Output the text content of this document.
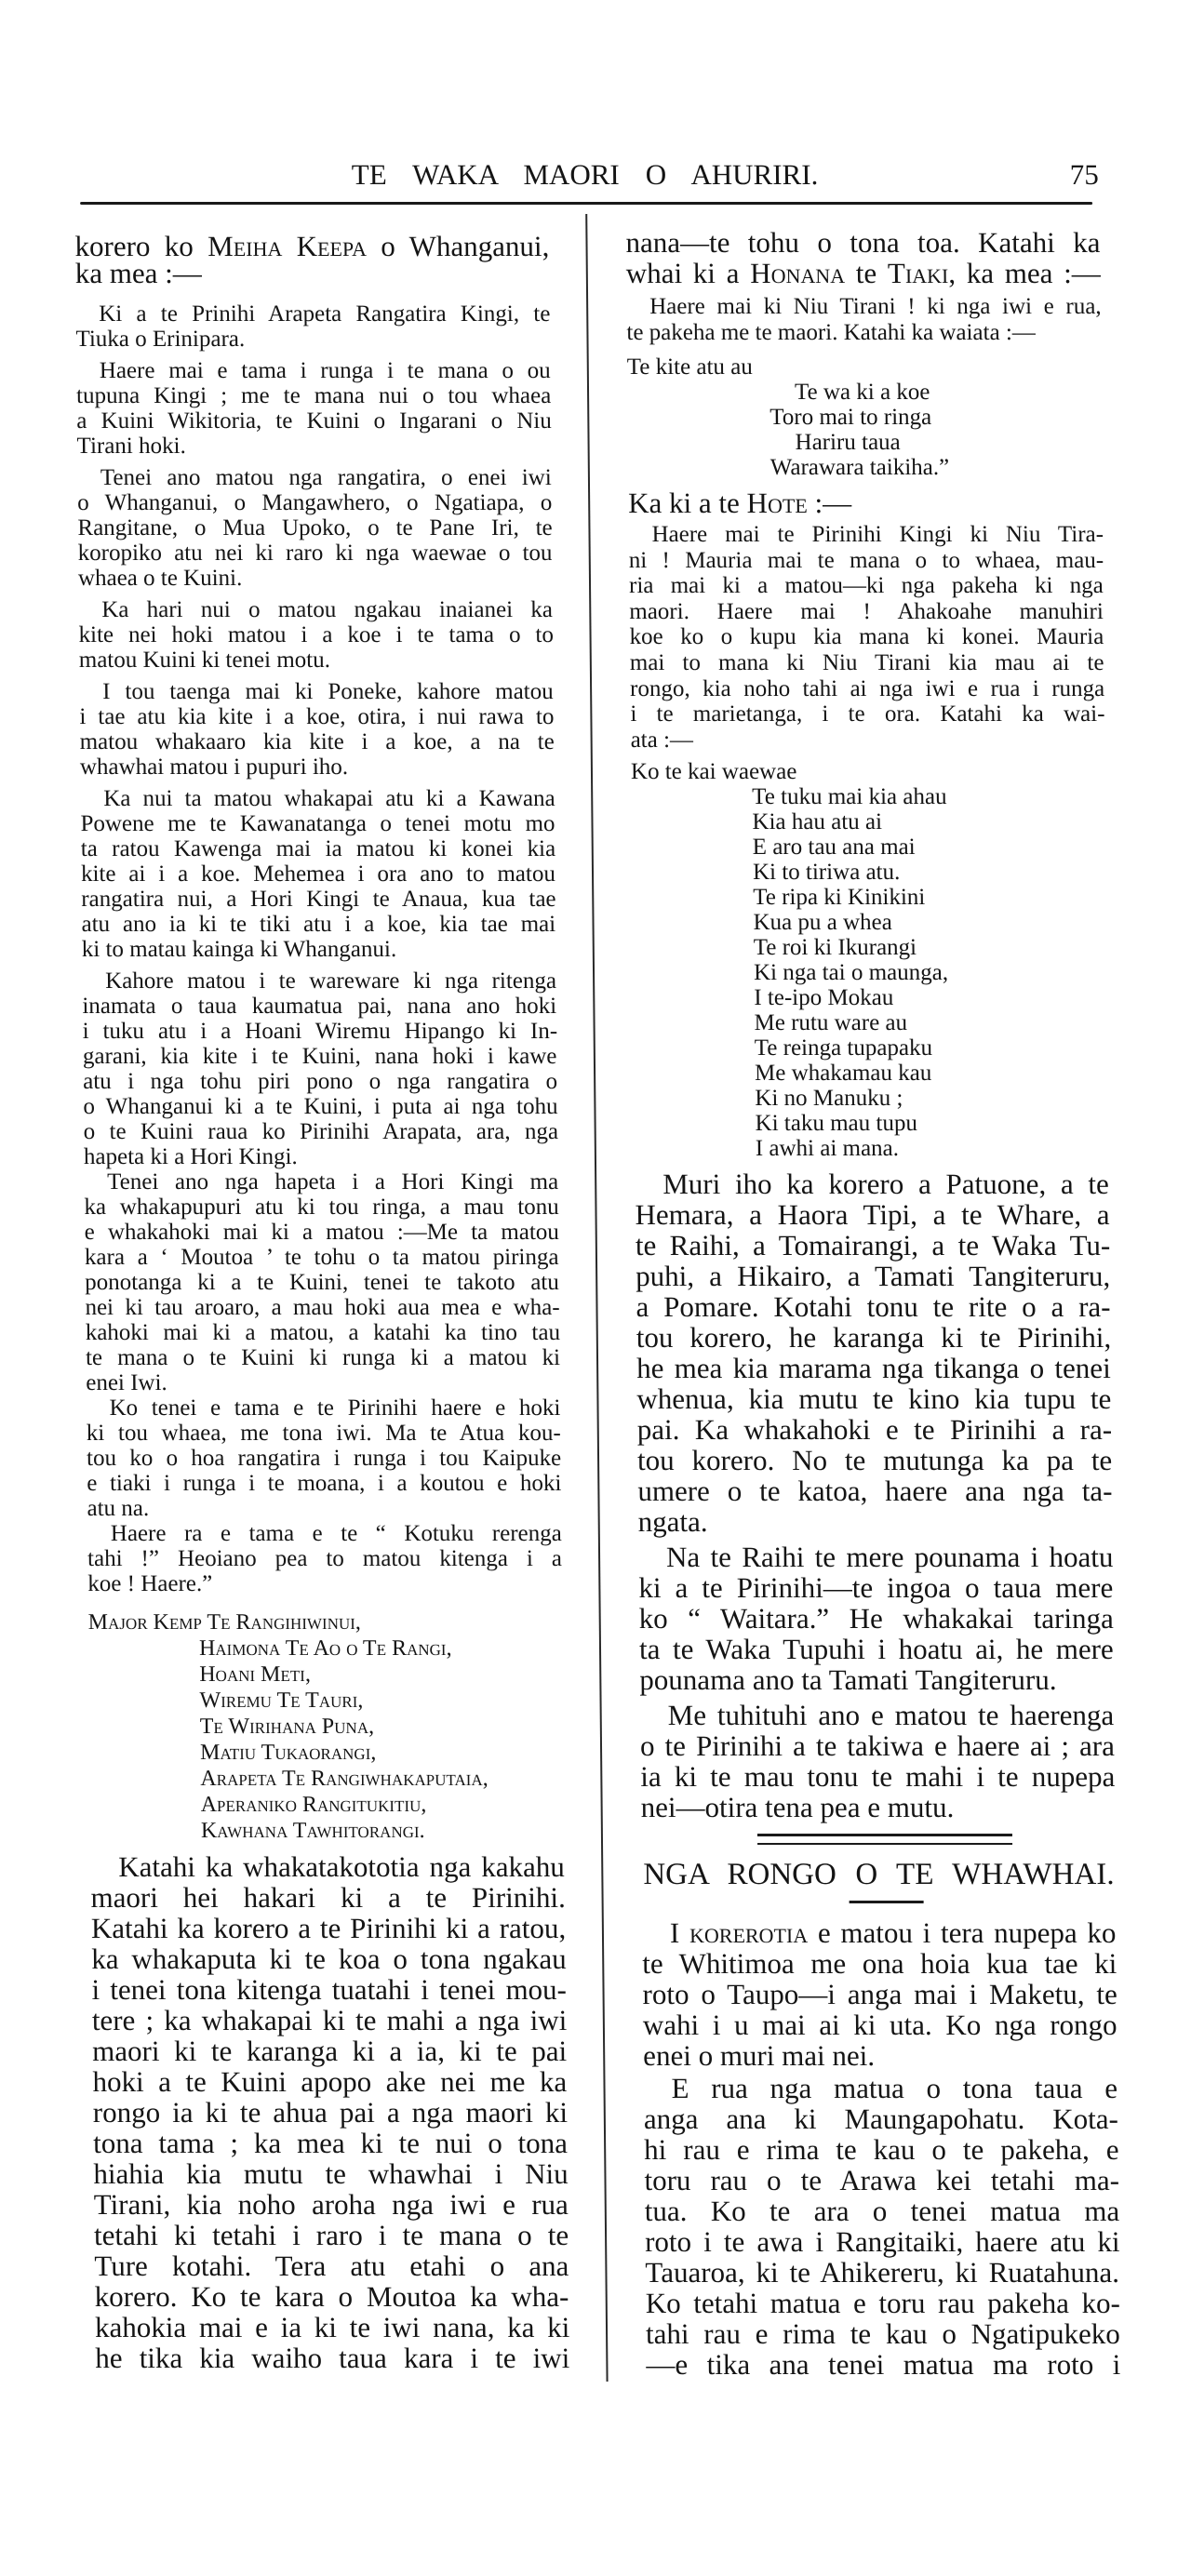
TE WAKA MAORI O AHURIRI.	75
korero ko Meiha Keepa o Whanganui,
ka mea :—
Ki a te Prinihi Arapeta Rangatira Kingi, te
Tiuka o Erinipara.
Haere mai e tama i runga i te mana o ou
tupuna Kingi ; me te mana nui o tou whaea
a Kuini Wikitoria, te Kuini o Ingarani o Niu
Tirani hoki.
Tenei ano matou nga rangatira, o enei iwi
o Whanganui, o Mangawhero, o Ngatiapa, o
Rangitane, o Mua Upoko, o te Pane Iri, te
koropiko atu nei ki raro ki nga waewae o tou
whaea o te Kuini.
Ka hari nui o matou ngakau inaianei ka
kite nei hoki matou i a koe i te tama o to
matou Kuini ki tenei motu.
I tou taenga mai ki Poneke, kahore matou
i tae atu kia kite i a koe, otira, i nui rawa to
matou whakaaro kia kite i a koe, a na te
whawhai matou i pupuri iho.
Ka nui ta matou whakapai atu ki a Kawana
Powene me te Kawanatanga o tenei motu mo
ta ratou Kawenga mai ia matou ki konei kia
kite ai i a koe. Mehemea i ora ano to matou
rangatira nui, a Hori Kingi te Anaua, kua tae
atu ano ia ki te tiki atu i a koe, kia tae mai
ki to matau kainga ki Whanganui.
Kahore matou i te wareware ki nga ritenga
inamata o taua kaumatua pai, nana ano hoki
i tuku atu i a Hoani Wiremu Hipango ki In-
garani, kia kite i te Kuini, nana hoki i kawe
atu i nga tohu piri pono o nga rangatira o
o Whanganui ki a te Kuini, i puta ai nga tohu
o te Kuini raua ko Pirinihi Arapata, ara, nga
hapeta ki a Hori Kingi.
Tenei ano nga hapeta i a Hori Kingi ma
ka whakapupuri atu ki tou ringa, a mau tonu
e whakahoki mai ki a matou :—Me ta matou
kara a ‘ Moutoa ’ te tohu o ta matou piringa
ponotanga ki a te Kuini, tenei te takoto atu
nei ki tau aroaro, a mau hoki aua mea e wha-
kahoki mai ki a matou, a katahi ka tino tau
te mana o te Kuini ki runga ki a matou ki
enei Iwi.
Ko tenei e tama e te Pirinihi haere e hoki
ki tou whaea, me tona iwi. Ma te Atua kou-
tou ko o hoa rangatira i runga i tou Kaipuke
e tiaki i runga i te moana, i a koutou e hoki
atu na.
Haere ra e tama e te “ Kotuku rerenga
tahi !” Heoiano pea to matou kitenga i a
koe ! Haere.”
Major Kemp Te Rangihiwinui,
Haimona Te Ao o Te Rangi,
Hoani Meti,
Wiremu Te Tauri,
Te Wirihana Puna,
Matiu Tukaorangi,
Arapeta Te Rangiwhakaputaia,
Aperaniko Rangitukitiu,
Kawhana Tawhitorangi.
Katahi ka whakatakototia nga kakahu
maori hei hakari ki a te Pirinihi.
Katahi ka korero a te Pirinihi ki a ratou,
ka whakaputa ki te koa o tona ngakau
i tenei tona kitenga tuatahi i tenei mou-
tere ; ka whakapai ki te mahi a nga iwi
maori ki te karanga ki a ia, ki te pai
hoki a te Kuini apopo ake nei me ka
rongo ia ki te ahua pai a nga maori ki
tona tama ; ka mea ki te nui o tona
hiahia kia mutu te whawhai i Niu
Tirani, kia noho aroha nga iwi e rua
tetahi ki tetahi i raro i te mana o te
Ture kotahi. Tera atu etahi o ana
korero. Ko te kara o Moutoa ka wha-
kahokia mai e ia ki te iwi nana, ka ki
he tika kia waiho taua kara i te iwi
nana—te tohu o tona toa. Katahi ka
whai ki a Honana te Tiaki, ka mea :—
Haere mai ki Niu Tirani ! ki nga iwi e rua,
te pakeha me te maori. Katahi ka waiata :—
Te kite atu au
Te wa ki a koe
Toro mai to ringa
Hariru taua
Warawara taikiha.”
Ka ki a te Hote :—
Haere mai te Pirinihi Kingi ki Niu Tira-
ni ! Mauria mai te mana o to whaea, mau-
ria mai ki a matou—ki nga pakeha ki nga
maori. Haere mai ! Ahakoahe manuhiri
koe ko o kupu kia mana ki konei. Mauria
mai to mana ki Niu Tirani kia mau ai te
rongo, kia noho tahi ai nga iwi e rua i runga
i te marietanga, i te ora. Katahi ka wai-
ata :—
Ko te kai waewae
Te tuku mai kia ahau
Kia hau atu ai
E aro tau ana mai
Ki to tiriwa atu.
Te ripa ki Kinikini
Kua pu a whea
Te roi ki Ikurangi
Ki nga tai o maunga,
I te-ipo Mokau
Me rutu ware au
Te reinga tupapaku
Me whakamau kau
Ki no Manuku ;
Ki taku mau tupu
I awhi ai mana.
Muri iho ka korero a Patuone, a te
Hemara, a Haora Tipi, a te Whare, a
te Raihi, a Tomairangi, a te Waka Tu-
puhi, a Hikairo, a Tamati Tangiteruru,
a Pomare. Kotahi tonu te rite o a ra-
tou korero, he karanga ki te Pirinihi,
he mea kia marama nga tikanga o tenei
whenua, kia mutu te kino kia tupu te
pai. Ka whakahoki e te Pirinihi a ra-
tou korero. No te mutunga ka pa te
umere o te katoa, haere ana nga ta-
ngata.
Na te Raihi te mere pounama i hoatu
ki a te Pirinihi—te ingoa o taua mere
ko “ Waitara.” He whakakai taringa
ta te Waka Tupuhi i hoatu ai, he mere
pounama ano ta Tamati Tangiteruru.
Me tuhituhi ano e matou te haerenga
o te Pirinihi a te takiwa e haere ai ; ara
ia ki te mau tonu te mahi i te nupepa
nei—otira tena pea e mutu.
NGA RONGO O TE WHAWHAI.
I korerotia e matou i tera nupepa ko
te Whitimoa me ona hoia kua tae ki
roto o Taupo—i anga mai i Maketu, te
wahi i u mai ai ki uta. Ko nga rongo
enei o muri mai nei.
E rua nga matua o tona taua e
anga ana ki Maungapohatu. Kota-
hi rau e rima te kau o te pakeha, e
toru rau o te Arawa kei tetahi ma-
tua. Ko te ara o tenei matua ma
roto i te awa i Rangitaiki, haere atu ki
Tauaroa, ki te Ahikereru, ki Ruatahuna.
Ko tetahi matua e toru rau pakeha ko-
tahi rau e rima te kau o Ngatipukeko
—e tika ana tenei matua ma roto i
